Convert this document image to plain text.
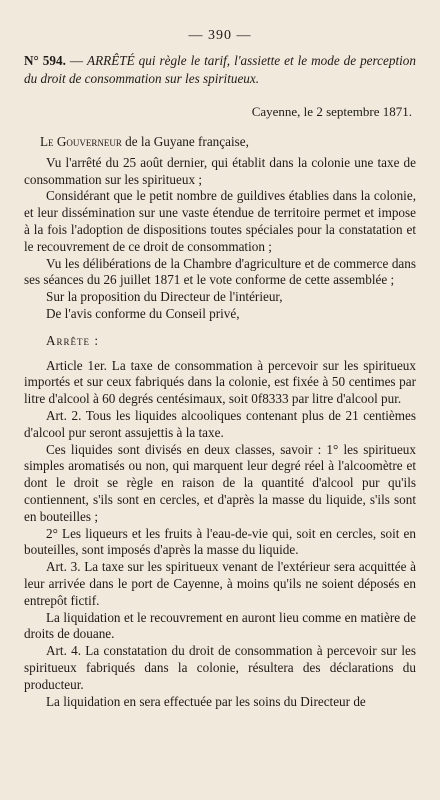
— 390 —
N° 594. — ARRÊTÉ qui règle le tarif, l'assiette et le mode de perception du droit de consommation sur les spiritueux.
Cayenne, le 2 septembre 1871.

Le Gouverneur de la Guyane française,

Vu l'arrêté du 25 août dernier, qui établit dans la colonie une taxe de consommation sur les spiritueux ;

Considérant que le petit nombre de guildives établies dans la colonie, et leur dissémination sur une vaste étendue de territoire permet et impose à la fois l'adoption de dispositions toutes spéciales pour la constatation et le recouvrement de ce droit de consommation ;

Vu les délibérations de la Chambre d'agriculture et de commerce dans ses séances du 26 juillet 1871 et le vote conforme de cette assemblée ;

Sur la proposition du Directeur de l'intérieur,

De l'avis conforme du Conseil privé,

Arrête :

Article 1er. La taxe de consommation à percevoir sur les spiritueux importés et sur ceux fabriqués dans la colonie, est fixée à 50 centimes par litre d'alcool à 60 degrés centésimaux, soit 0f8333 par litre d'alcool pur.

Art. 2. Tous les liquides alcooliques contenant plus de 21 centièmes d'alcool pur seront assujettis à la taxe.

Ces liquides sont divisés en deux classes, savoir : 1° les spiritueux simples aromatisés ou non, qui marquent leur degré réel à l'alcoomètre et dont le droit se règle en raison de la quantité d'alcool pur qu'ils contiennent, s'ils sont en cercles, et d'après la masse du liquide, s'ils sont en bouteilles ;

2° Les liqueurs et les fruits à l'eau-de-vie qui, soit en cercles, soit en bouteilles, sont imposés d'après la masse du liquide.

Art. 3. La taxe sur les spiritueux venant de l'extérieur sera acquittée à leur arrivée dans le port de Cayenne, à moins qu'ils ne soient déposés en entrepôt fictif.

La liquidation et le recouvrement en auront lieu comme en matière de droits de douane.

Art. 4. La constatation du droit de consommation à percevoir sur les spiritueux fabriqués dans la colonie, résultera des déclarations du producteur.

La liquidation en sera effectuée par les soins du Directeur de
